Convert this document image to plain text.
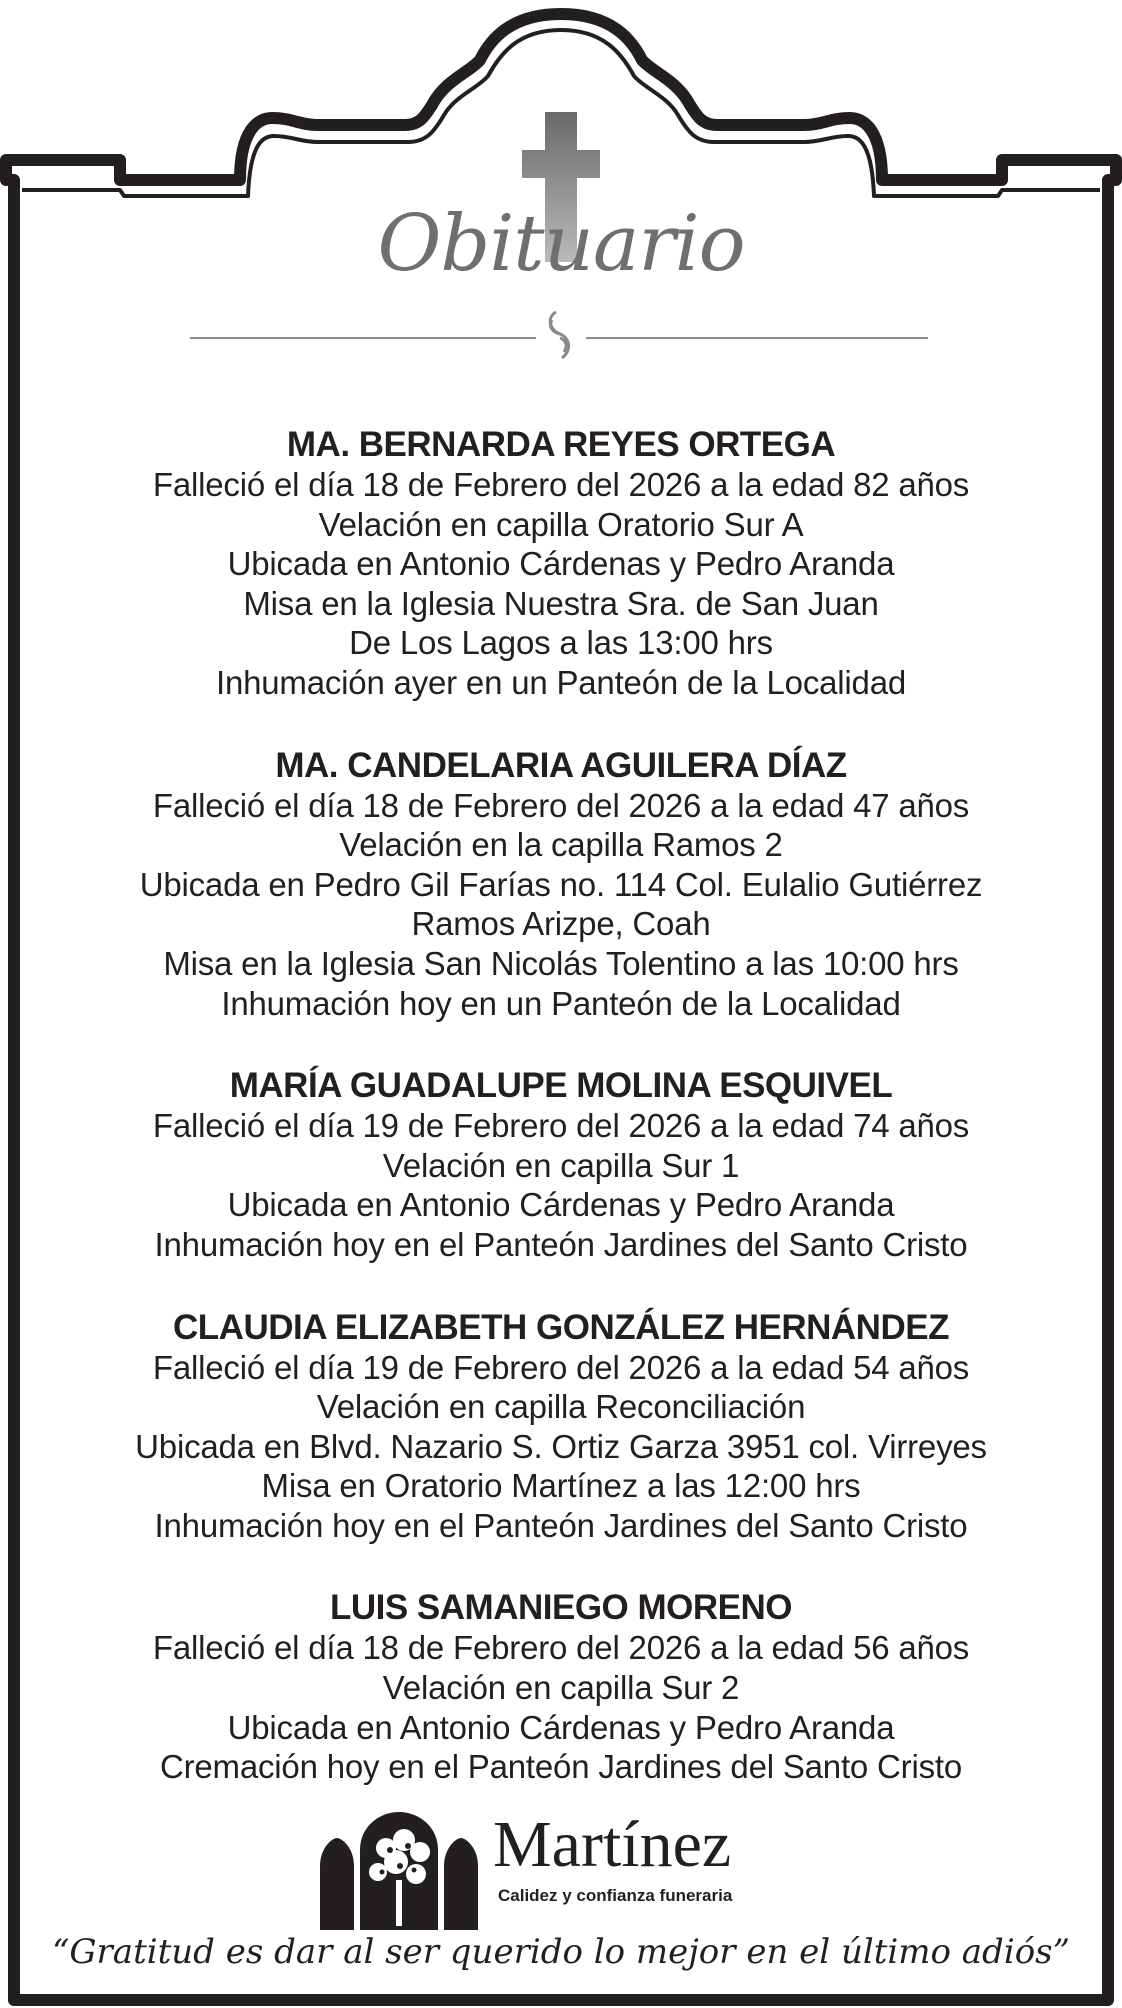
Obituario
MA. BERNARDA REYES ORTEGA
Falleció el día 18 de Febrero del 2026 a la edad 82 años
Velación en capilla Oratorio Sur A
Ubicada en Antonio Cárdenas y Pedro Aranda
Misa en la Iglesia Nuestra Sra. de San Juan
De Los Lagos a las 13:00 hrs
Inhumación ayer en un Panteón de la Localidad
MA. CANDELARIA AGUILERA DÍAZ
Falleció el día 18 de Febrero del 2026 a la edad 47 años
Velación en la capilla Ramos 2
Ubicada en Pedro Gil Farías no. 114 Col. Eulalio Gutiérrez
Ramos Arizpe, Coah
Misa en la Iglesia San Nicolás Tolentino a las 10:00 hrs
Inhumación hoy en un Panteón de la Localidad
MARÍA GUADALUPE MOLINA ESQUIVEL
Falleció el día 19 de Febrero del 2026 a la edad 74 años
Velación en capilla Sur 1
Ubicada en Antonio Cárdenas y Pedro Aranda
Inhumación hoy en el Panteón Jardines del Santo Cristo
CLAUDIA ELIZABETH GONZÁLEZ HERNÁNDEZ
Falleció el día 19 de Febrero del 2026 a la edad 54 años
Velación en capilla Reconciliación
Ubicada en Blvd. Nazario S. Ortiz Garza 3951 col. Virreyes
Misa en Oratorio Martínez a las 12:00 hrs
Inhumación hoy en el Panteón Jardines del Santo Cristo
LUIS SAMANIEGO MORENO
Falleció el día 18 de Febrero del 2026 a la edad 56 años
Velación en capilla Sur 2
Ubicada en Antonio Cárdenas y Pedro Aranda
Cremación hoy en el Panteón Jardines del Santo Cristo
Martínez
Calidez y confianza funeraria
“Gratitud es dar al ser querido lo mejor en el último adiós”
